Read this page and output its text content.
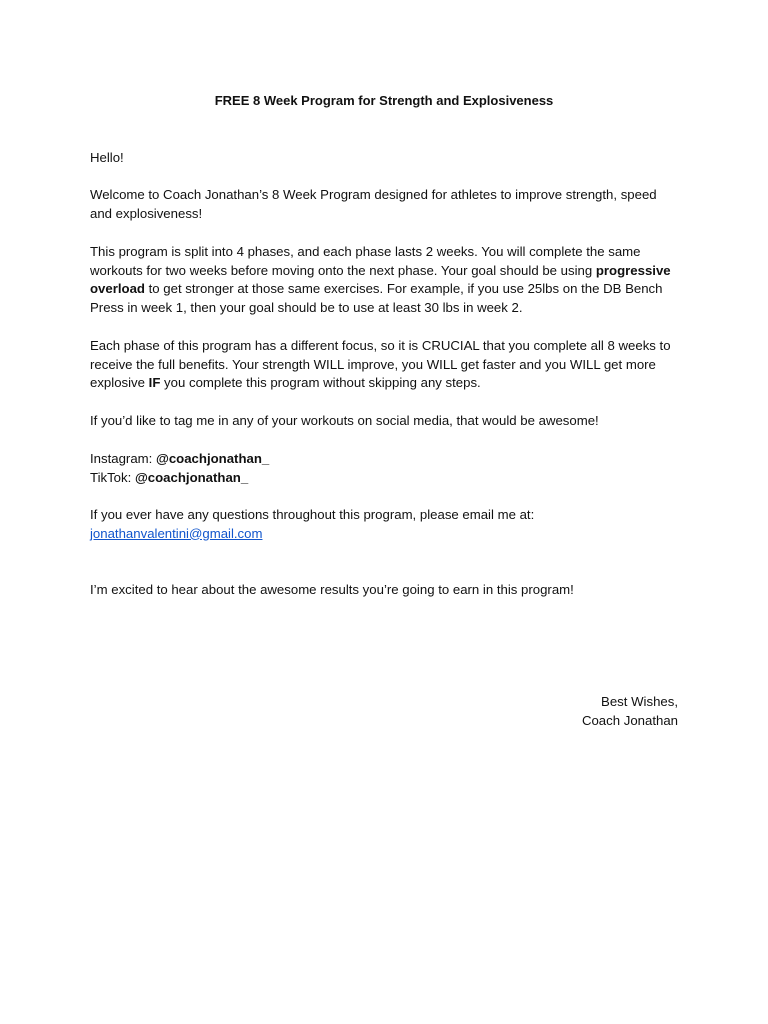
FREE 8 Week Program for Strength and Explosiveness

Hello!

Welcome to Coach Jonathan’s 8 Week Program designed for athletes to improve strength, speed and explosiveness!

This program is split into 4 phases, and each phase lasts 2 weeks. You will complete the same workouts for two weeks before moving onto the next phase. Your goal should be using progressive overload to get stronger at those same exercises. For example, if you use 25lbs on the DB Bench Press in week 1, then your goal should be to use at least 30 lbs in week 2.

Each phase of this program has a different focus, so it is CRUCIAL that you complete all 8 weeks to receive the full benefits. Your strength WILL improve, you WILL get faster and you WILL get more explosive IF you complete this program without skipping any steps.

If you’d like to tag me in any of your workouts on social media, that would be awesome!

Instagram: @coachjonathan_

TikTok: @coachjonathan_

If you ever have any questions throughout this program, please email me at:

jonathanvalentini@gmail.com

I’m excited to hear about the awesome results you’re going to earn in this program!

Best Wishes,
Coach Jonathan
